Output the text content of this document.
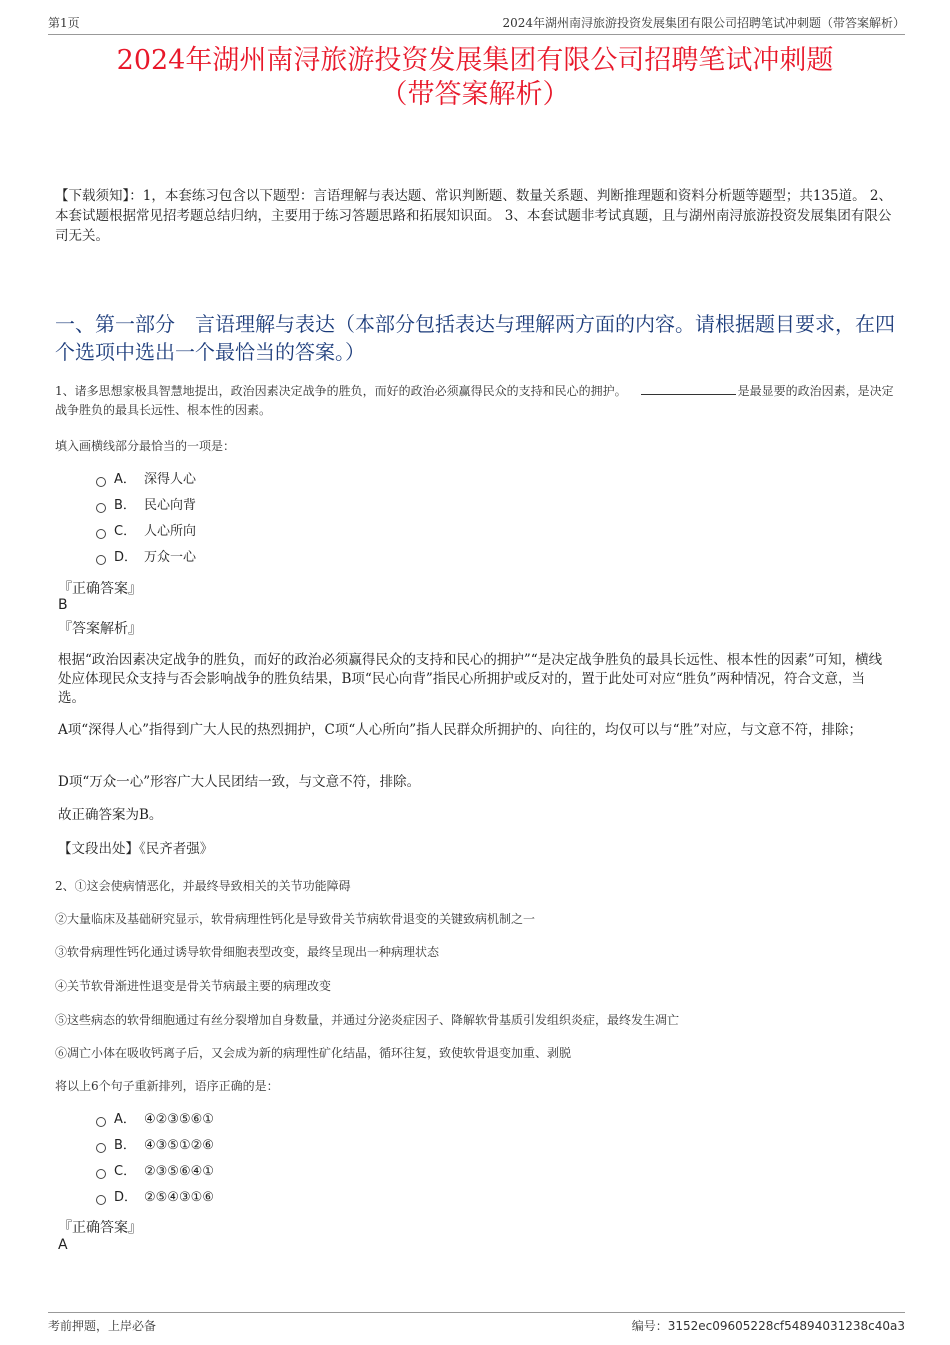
第1页	2024年湖州南浔旅游投资发展集团有限公司招聘笔试冲刺题（带答案解析）
2024年湖州南浔旅游投资发展集团有限公司招聘笔试冲刺题
（带答案解析）
【下载须知】：1，本套练习包含以下题型：言语理解与表达题、常识判断题、数量关系题、判断推理题和资料分析题等题型；共135道。 2、本套试题根据常见招考题总结归纳，主要用于练习答题思路和拓展知识面。 3、本套试题非考试真题，且与湖州南浔旅游投资发展集团有限公司无关。
一、第一部分　言语理解与表达（本部分包括表达与理解两方面的内容。请根据题目要求，在四个选项中选出一个最恰当的答案。）
1、诸多思想家极具智慧地提出，政治因素决定战争的胜负，而好的政治必须赢得民众的支持和民心的拥护。	是最显要的政治因素，是决定战争胜负的最具长远性、根本性的因素。
填入画横线部分最恰当的一项是：
A． 深得人心
B． 民心向背
C． 人心所向
D． 万众一心
『正确答案』
B
『答案解析』
根据“政治因素决定战争的胜负，而好的政治必须赢得民众的支持和民心的拥护”“是决定战争胜负的最具长远性、根本性的因素”可知，横线处应体现民众支持与否会影响战争的胜负结果，B项“民心向背”指民心所拥护或反对的，置于此处可对应“胜负”两种情况，符合文意，当选。
A项“深得人心”指得到广大人民的热烈拥护，C项“人心所向”指人民群众所拥护的、向往的，均仅可以与“胜”对应，与文意不符，排除；
D项“万众一心”形容广大人民团结一致，与文意不符，排除。
故正确答案为B。
【文段出处】《民齐者强》
2、①这会使病情恶化，并最终导致相关的关节功能障碍
②大量临床及基础研究显示，软骨病理性钙化是导致骨关节病软骨退变的关键致病机制之一
③软骨病理性钙化通过诱导软骨细胞表型改变，最终呈现出一种病理状态
④关节软骨渐进性退变是骨关节病最主要的病理改变
⑤这些病态的软骨细胞通过有丝分裂增加自身数量，并通过分泌炎症因子、降解软骨基质引发组织炎症，最终发生凋亡
⑥凋亡小体在吸收钙离子后，又会成为新的病理性矿化结晶，循环往复，致使软骨退变加重、剥脱
将以上6个句子重新排列，语序正确的是：
A． ④②③⑤⑥①
B． ④③⑤①②⑥
C． ②③⑤⑥④①
D． ②⑤④③①⑥
『正确答案』
A
考前押题，上岸必备	编号：3152ec09605228cf54894031238c40a3
